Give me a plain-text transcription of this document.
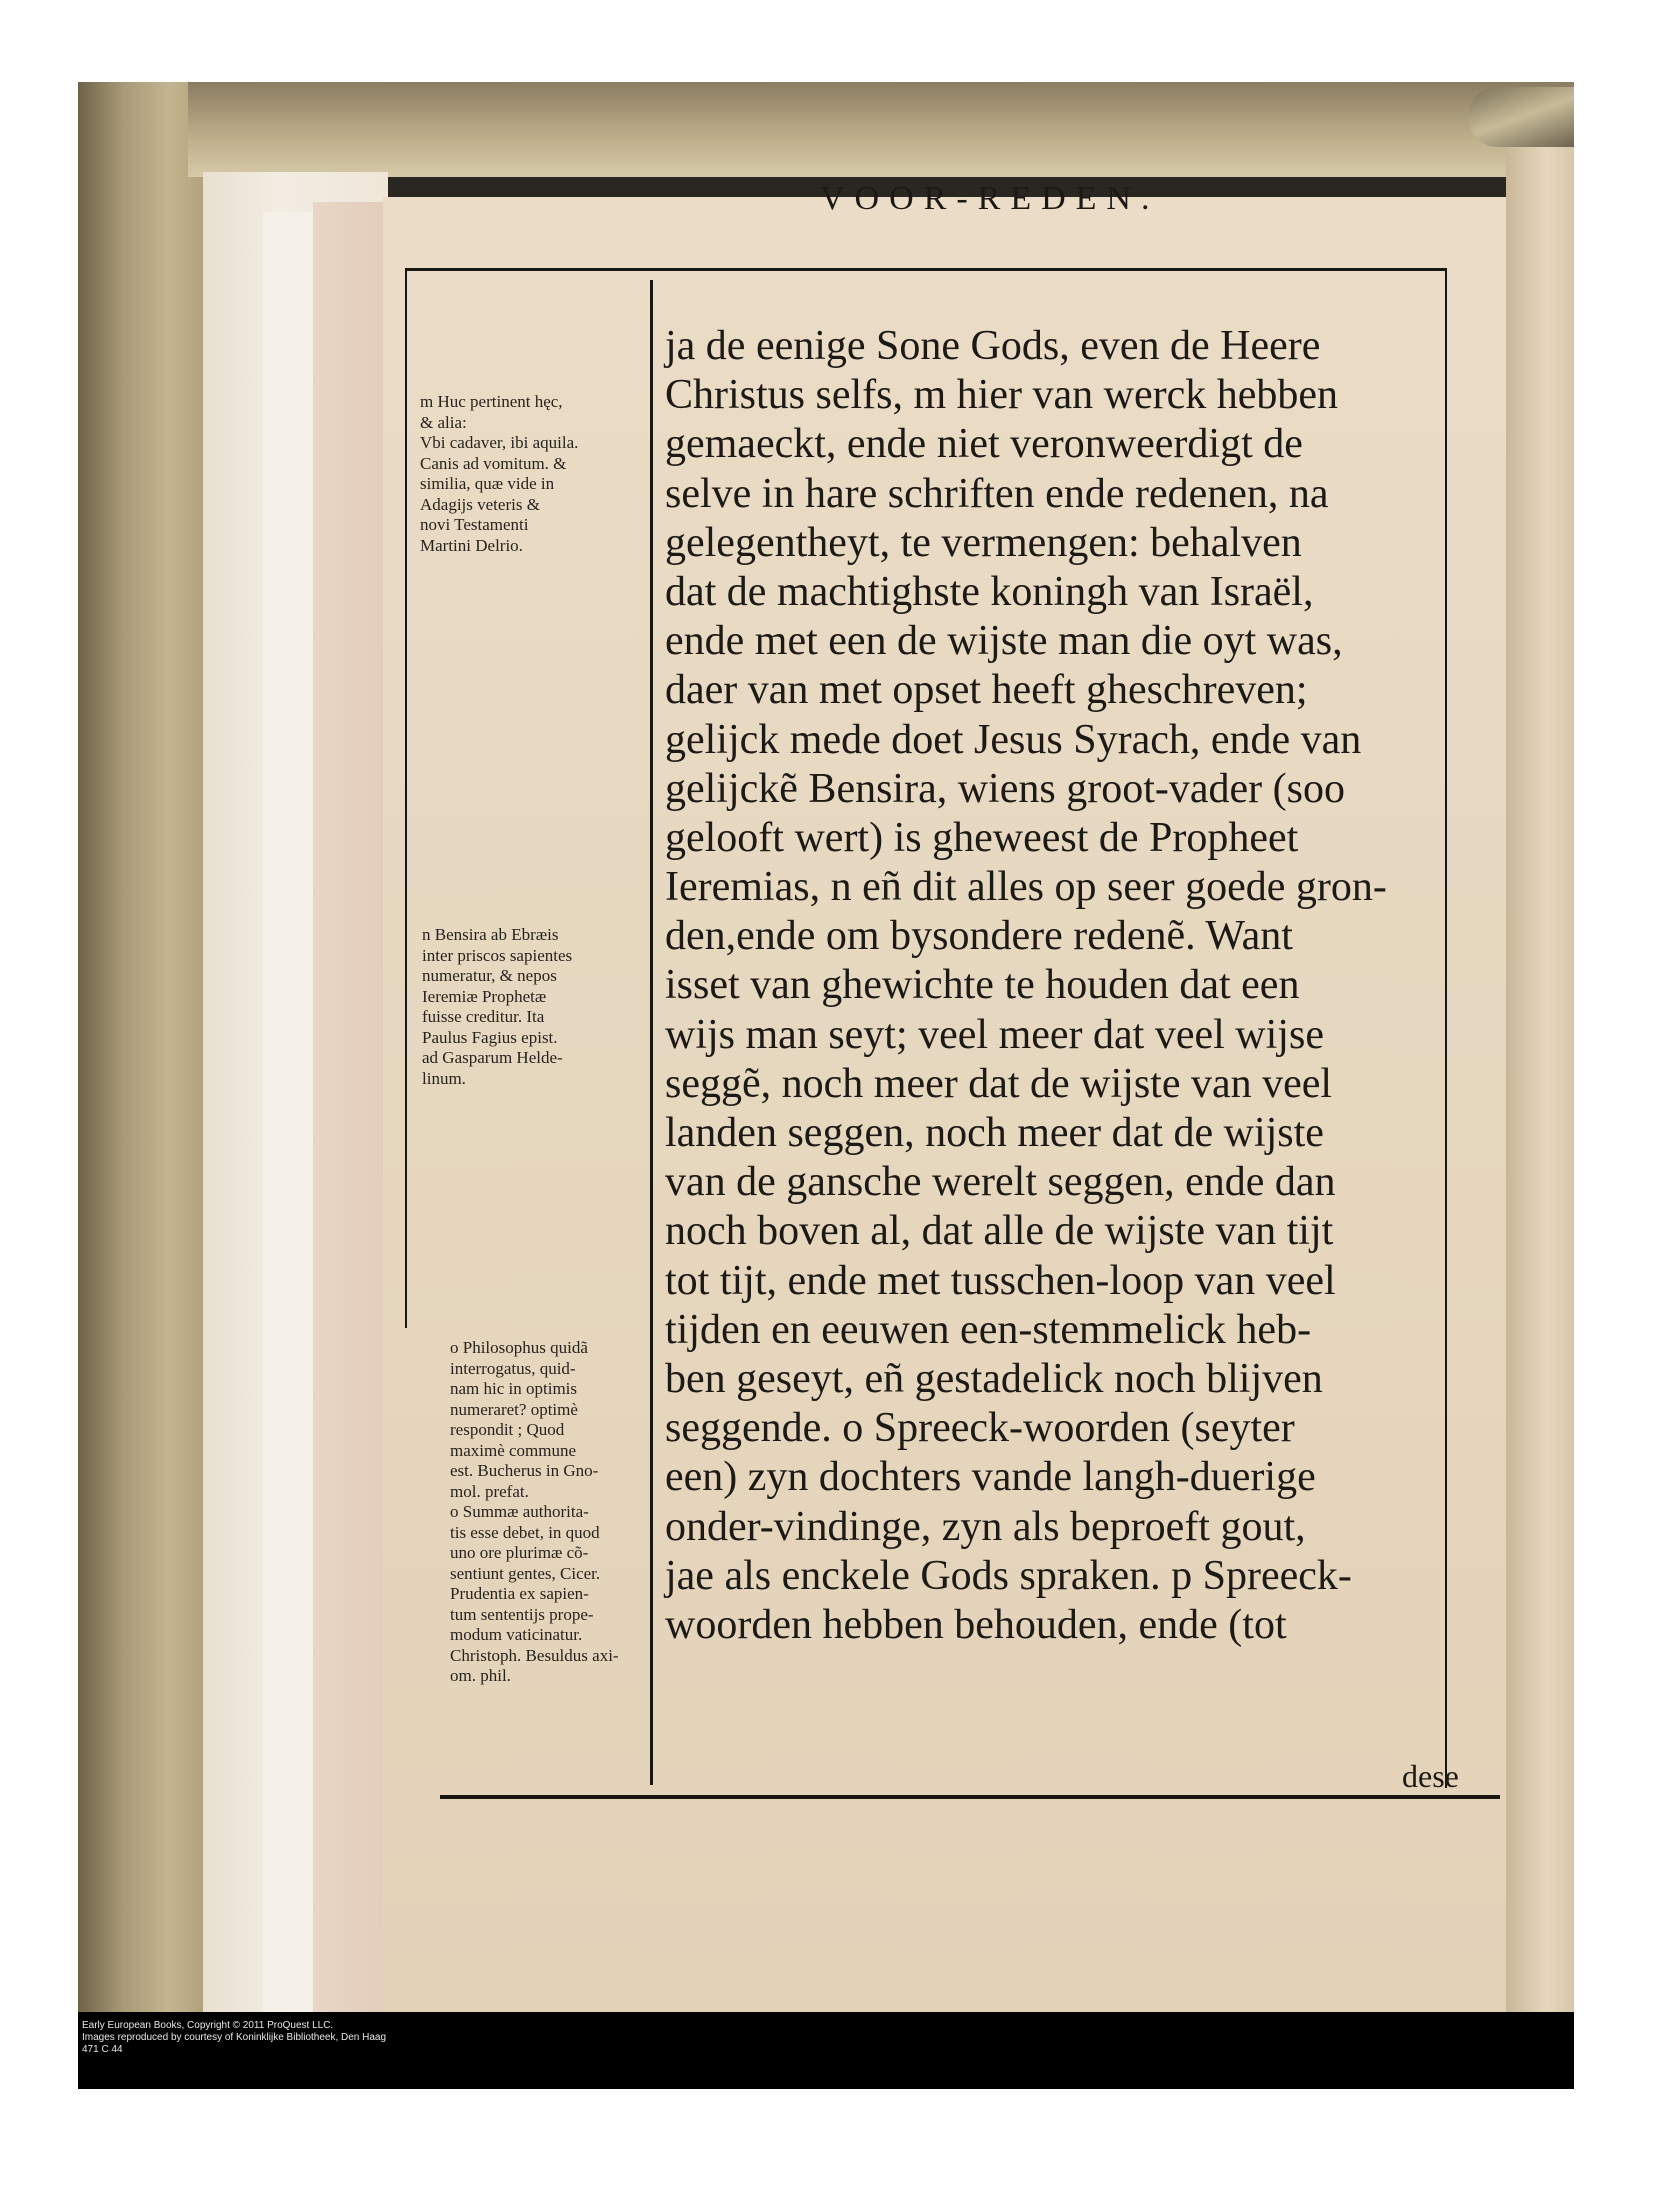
Early European Books, Copyright © 2011 ProQuest LLC.
Images reproduced by courtesy of Koninklijke Bibliotheek, Den Haag
471 C 44
VOOR-REDEN.
ja de eenige Sone Gods, even de Heere
Christus selfs, m hier van werck hebben
gemaeckt, ende niet veronweerdigt de
selve in hare schriften ende redenen, na
gelegentheyt, te vermengen: behalven
dat de machtighste koningh van Israël,
ende met een de wijste man die oyt was,
daer van met opset heeft gheschreven;
gelijck mede doet Jesus Syrach, ende van
gelijckẽ Bensira, wiens groot-vader (soo
gelooft wert) is gheweest de Propheet
Ieremias, n eñ dit alles op seer goede gron-
den,ende om bysondere redenẽ. Want
isset van ghewichte te houden dat een
wijs man seyt; veel meer dat veel wijse
seggẽ, noch meer dat de wijste van veel
landen seggen, noch meer dat de wijste
van de gansche werelt seggen, ende dan
noch boven al, dat alle de wijste van tijt
tot tijt, ende met tusschen-loop van veel
tijden en eeuwen een-stemmelick heb-
ben geseyt, eñ gestadelick noch blijven
seggende. o Spreeck-woorden (seyter
een) zyn dochters vande langh-duerige
onder-vindinge, zyn als beproeft gout,
jae als enckele Gods spraken. p Spreeck-
woorden hebben behouden, ende (tot
m Huc pertinent hęc,
& alia:
Vbi cadaver, ibi aquila.
Canis ad vomitum. &
similia, quæ vide in
Adagijs veteris &
novi Testamenti
Martini Delrio.
n Bensira ab Ebræis
inter priscos sapientes
numeratur, & nepos
Ieremiæ Prophetæ
fuisse creditur. Ita
Paulus Fagius epist.
ad Gasparum Helde-
linum.
o Philosophus quidã
interrogatus, quid-
nam hic in optimis
numeraret? optimè
respondit ; Quod
maximè commune
est. Bucherus in Gno-
mol. prefat.
o Summæ authorita-
tis esse debet, in quod
uno ore plurimæ cõ-
sentiunt gentes, Cicer.
Prudentia ex sapien-
tum sententijs prope-
modum vaticinatur.
Christoph. Besuldus axi-
om. phil.
dese
